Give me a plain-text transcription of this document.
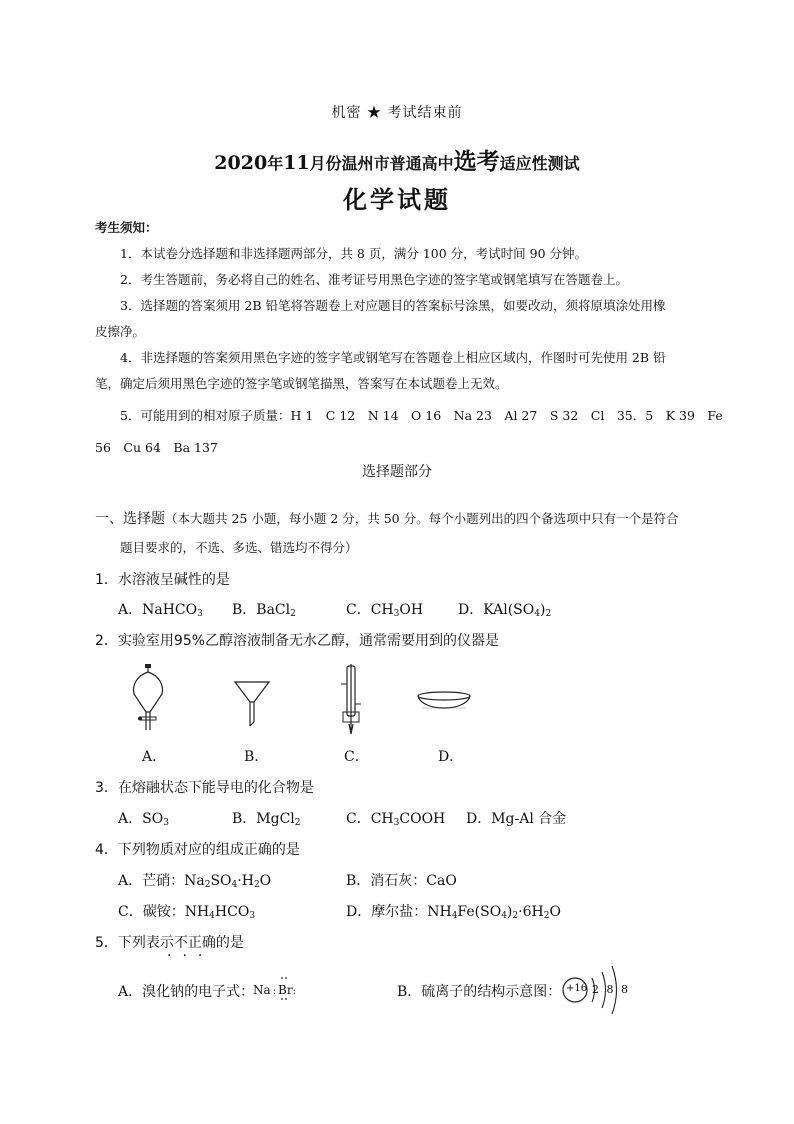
机密 ★ 考试结束前
2020年11月份温州市普通高中选考适应性测试
化学试题
考生须知：
1．本试卷分选择题和非选择题两部分，共 8 页，满分 100 分，考试时间 90 分钟。
2．考生答题前，务必将自己的姓名、准考证号用黑色字迹的签字笔或钢笔填写在答题卷上。
3．选择题的答案须用 2B 铅笔将答题卷上对应题目的答案标号涂黑，如要改动，须将原填涂处用橡
皮擦净。
4．非选择题的答案须用黑色字迹的签字笔或钢笔写在答题卷上相应区域内，作图时可先使用 2B 铅
笔，确定后须用黑色字迹的签字笔或钢笔描黑，答案写在本试题卷上无效。
5．可能用到的相对原子质量：H 1　C 12　N 14　O 16　Na 23　Al 27　S 32　Cl　35．5　K 39　Fe
56　Cu 64　Ba 137
选择题部分
一、选择题（本大题共 25 小题，每小题 2 分，共 50 分。每个小题列出的四个备选项中只有一个是符合
题目要求的，不选、多选、错选均不得分）
1．水溶液呈碱性的是
A．NaHCO$_3$ B．BaCl$_2$	C．$CH_3OH$ D．$KAl(SO_4)_2$
2．实验室用95%乙醇溶液制备无水乙醇，通常需要用到的仪器是
A．	B．	C．	D．
3．在熔融状态下能导电的化合物是
A．$SO_3$	B．MgCl$_2$	C．$CH_3COOH$ D．Mg-Al 合金
4．下列物质对应的组成正确的是
A．芒硝：$Na_2SO_4\cdot H_2O$	B．消石灰：CaO
C．碳铵：$NH_4HCO_3$	D．摩尔盐：$NH_4Fe(SO_4)_2\cdot 6H_2O$
5．下列表示不正确的是
···
A．溴化钠的电子式：
Na : Br:	B．硫离子的结构示意图： +16 2 8 8
